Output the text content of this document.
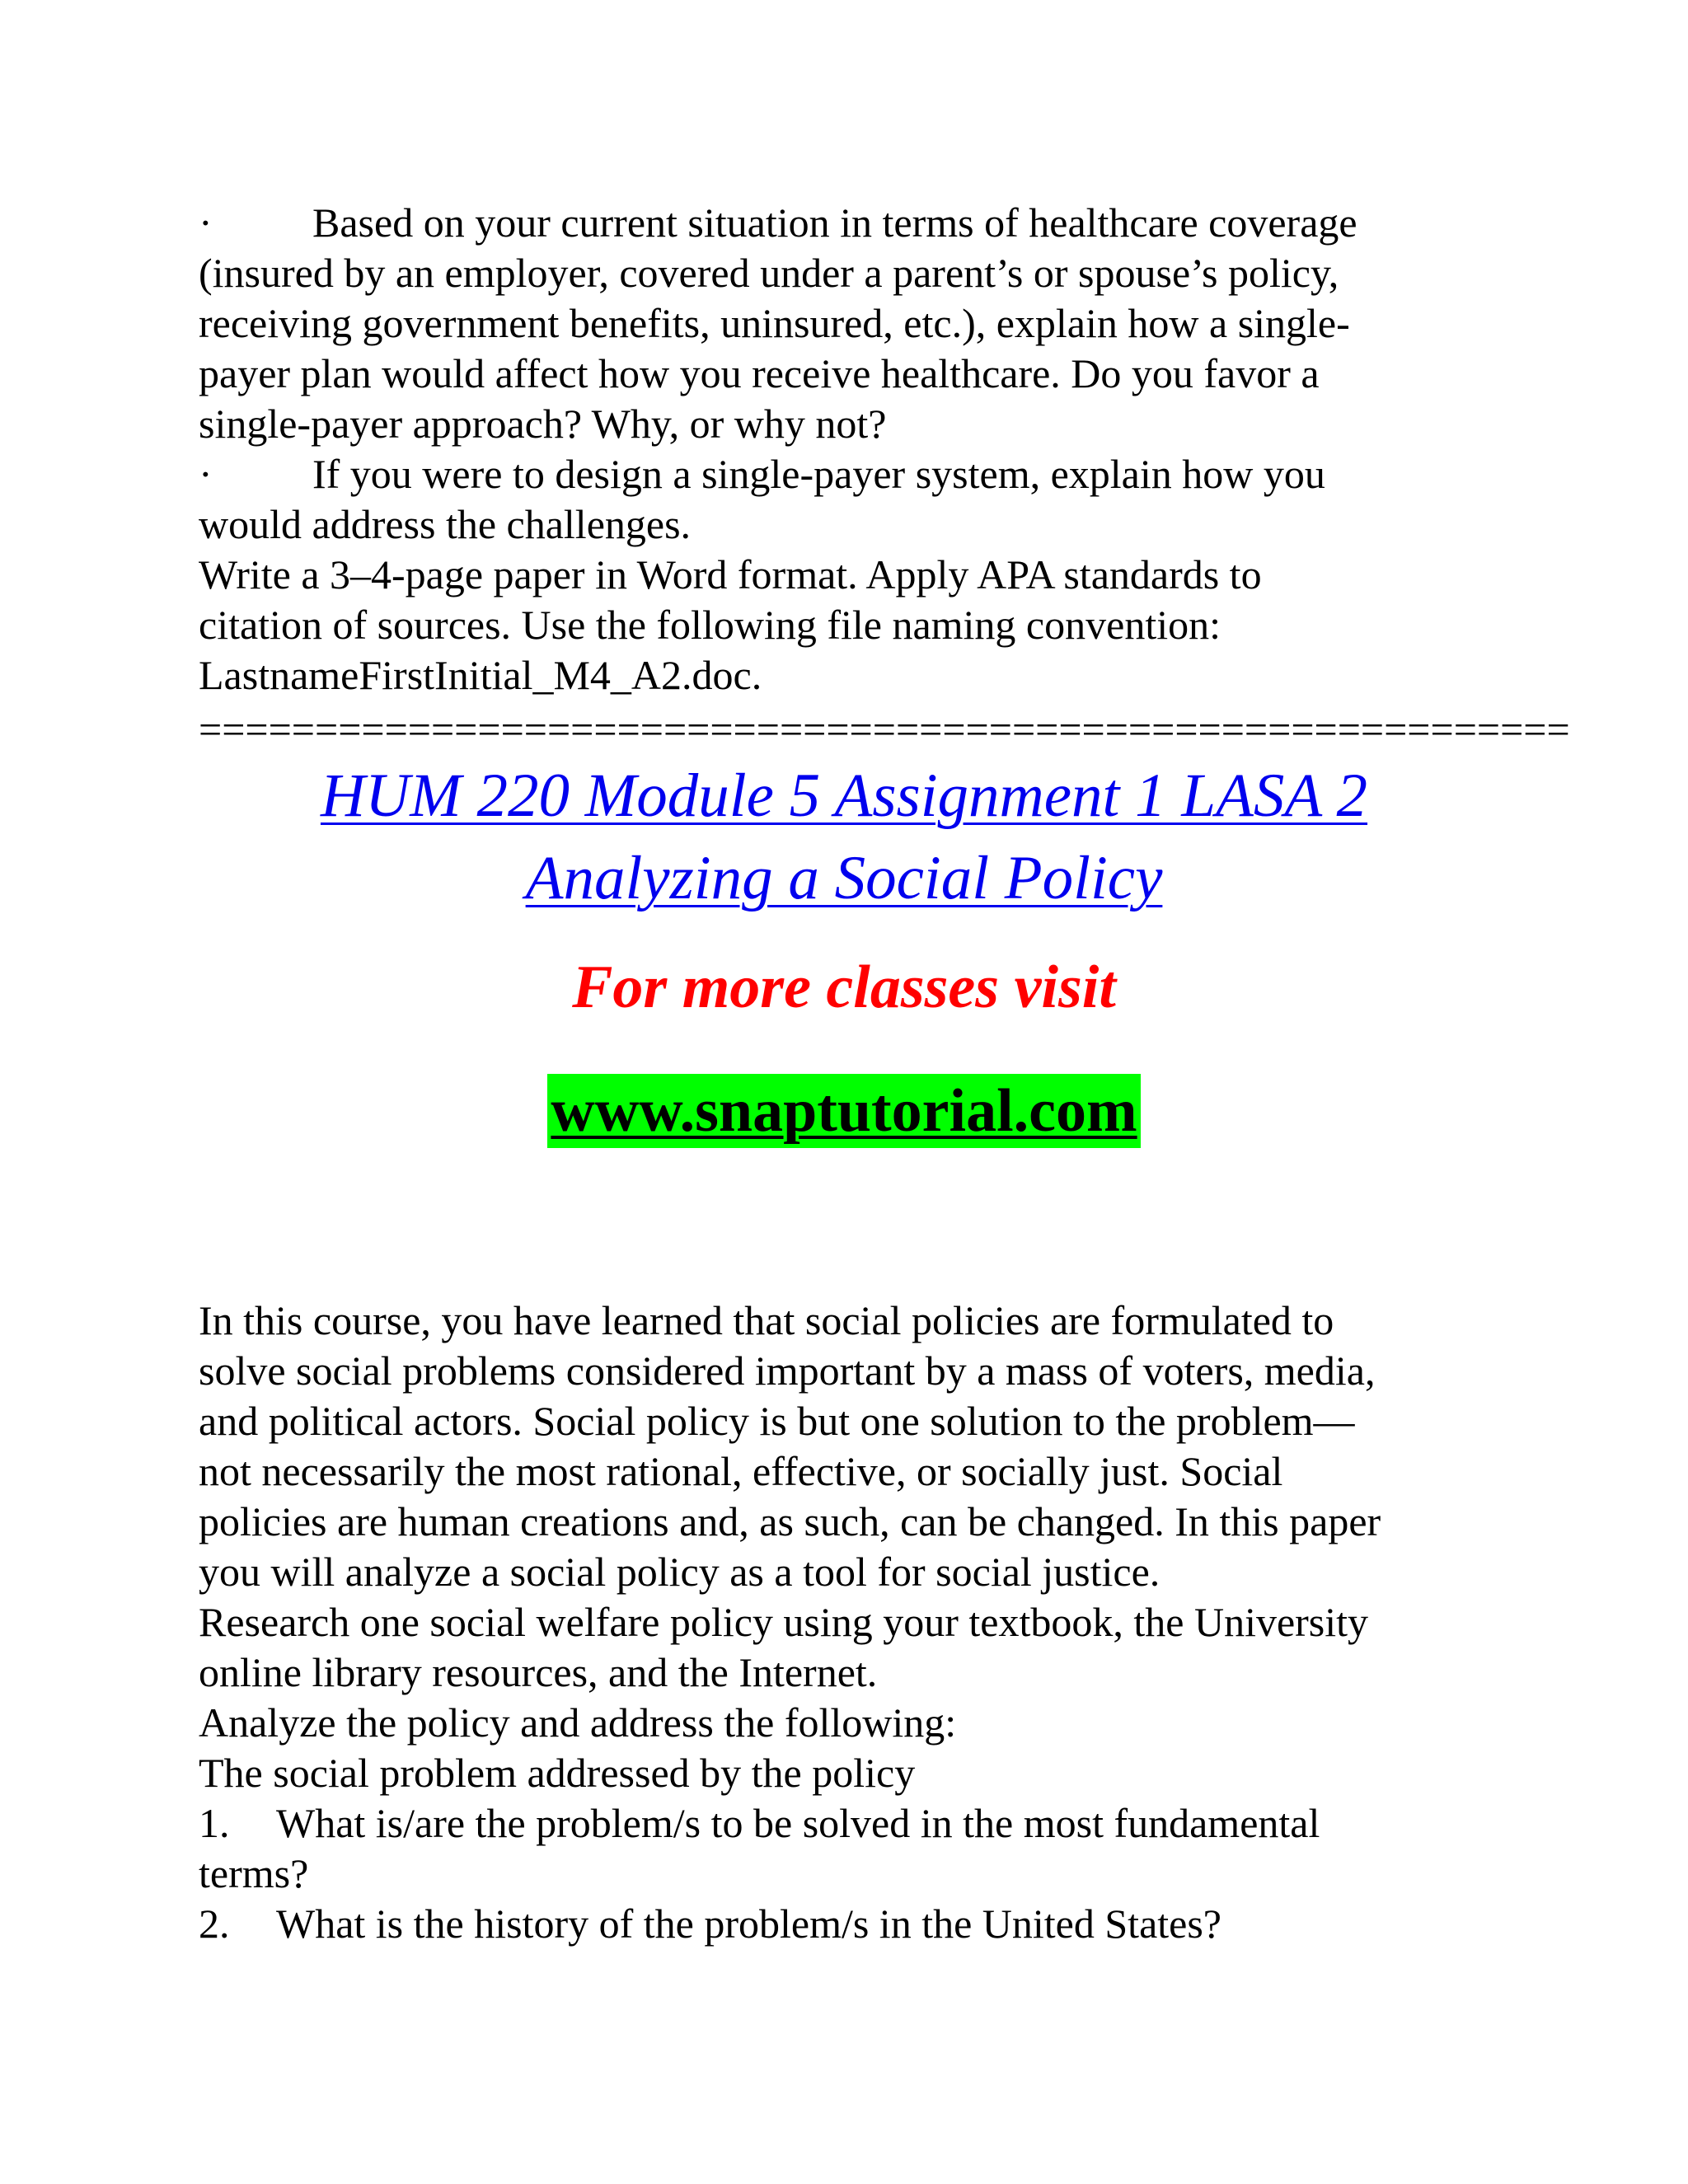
· Based on your current situation in terms of healthcare coverage
(insured by an employer, covered under a parent’s or spouse’s policy,
receiving government benefits, uninsured, etc.), explain how a single-
payer plan would affect how you receive healthcare. Do you favor a
single-payer approach? Why, or why not?
· If you were to design a single-payer system, explain how you
would address the challenges.
Write a 3–4-page paper in Word format. Apply APA standards to
citation of sources. Use the following file naming convention:
LastnameFirstInitial_M4_A2.doc.
===========================================================
HUM 220 Module 5 Assignment 1 LASA 2
Analyzing a Social Policy
For more classes visit
www.snaptutorial.com
In this course, you have learned that social policies are formulated to
solve social problems considered important by a mass of voters, media,
and political actors. Social policy is but one solution to the problem—
not necessarily the most rational, effective, or socially just. Social
policies are human creations and, as such, can be changed. In this paper
you will analyze a social policy as a tool for social justice.
Research one social welfare policy using your textbook, the University
online library resources, and the Internet.
Analyze the policy and address the following:
The social problem addressed by the policy
1. What is/are the problem/s to be solved in the most fundamental
terms?
2. What is the history of the problem/s in the United States?
